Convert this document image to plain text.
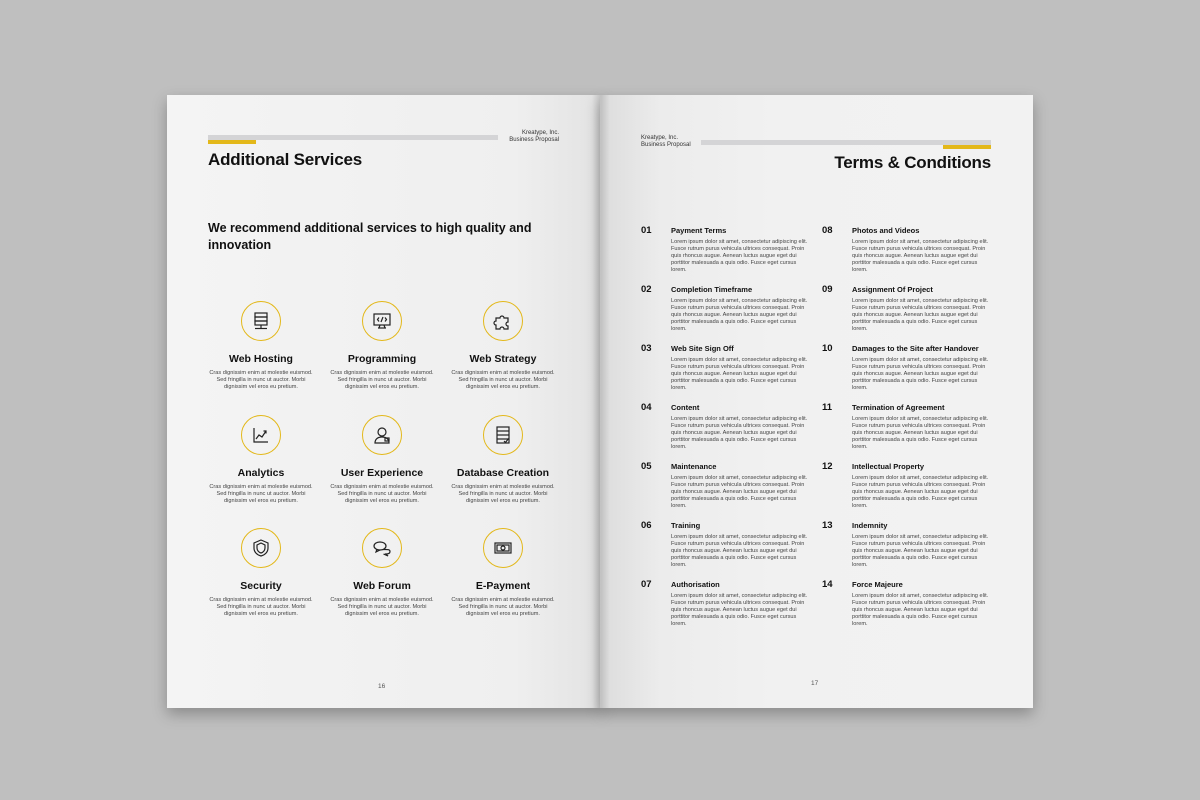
Kreatype, Inc.
Business Proposal
Additional Services
We recommend additional services to high quality and innovation
Web Hosting
Cras dignissim enim at molestie euismod. Sed fringilla in nunc ut auctor. Morbi dignissim vel eros eu pretium.
Programming
Cras dignissim enim at molestie euismod. Sed fringilla in nunc ut auctor. Morbi dignissim vel eros eu pretium.
Web Strategy
Cras dignissim enim at molestie euismod. Sed fringilla in nunc ut auctor. Morbi dignissim vel eros eu pretium.
Analytics
Cras dignissim enim at molestie euismod. Sed fringilla in nunc ut auctor. Morbi dignissim vel eros eu pretium.
User Experience
Cras dignissim enim at molestie euismod. Sed fringilla in nunc ut auctor. Morbi dignissim vel eros eu pretium.
Database Creation
Cras dignissim enim at molestie euismod. Sed fringilla in nunc ut auctor. Morbi dignissim vel eros eu pretium.
Security
Cras dignissim enim at molestie euismod. Sed fringilla in nunc ut auctor. Morbi dignissim vel eros eu pretium.
Web Forum
Cras dignissim enim at molestie euismod. Sed fringilla in nunc ut auctor. Morbi dignissim vel eros eu pretium.
E-Payment
Cras dignissim enim at molestie euismod. Sed fringilla in nunc ut auctor. Morbi dignissim vel eros eu pretium.
16
Kreatype, Inc.
Business Proposal
Terms & Conditions
01	Payment Terms
Lorem ipsum dolor sit amet, consectetur adipiscing elit. Fusce rutrum purus vehicula ultrices consequat. Proin quis rhoncus augue. Aenean luctus augue eget dui porttitor malesuada a quis odio. Fusce eget cursus lorem.
02	Completion Timeframe
Lorem ipsum dolor sit amet, consectetur adipiscing elit. Fusce rutrum purus vehicula ultrices consequat. Proin quis rhoncus augue. Aenean luctus augue eget dui porttitor malesuada a quis odio. Fusce eget cursus lorem.
03	Web Site Sign Off
Lorem ipsum dolor sit amet, consectetur adipiscing elit. Fusce rutrum purus vehicula ultrices consequat. Proin quis rhoncus augue. Aenean luctus augue eget dui porttitor malesuada a quis odio. Fusce eget cursus lorem.
04	Content
Lorem ipsum dolor sit amet, consectetur adipiscing elit. Fusce rutrum purus vehicula ultrices consequat. Proin quis rhoncus augue. Aenean luctus augue eget dui porttitor malesuada a quis odio. Fusce eget cursus lorem.
05	Maintenance
Lorem ipsum dolor sit amet, consectetur adipiscing elit. Fusce rutrum purus vehicula ultrices consequat. Proin quis rhoncus augue. Aenean luctus augue eget dui porttitor malesuada a quis odio. Fusce eget cursus lorem.
06	Training
Lorem ipsum dolor sit amet, consectetur adipiscing elit. Fusce rutrum purus vehicula ultrices consequat. Proin quis rhoncus augue. Aenean luctus augue eget dui porttitor malesuada a quis odio. Fusce eget cursus lorem.
07	Authorisation
Lorem ipsum dolor sit amet, consectetur adipiscing elit. Fusce rutrum purus vehicula ultrices consequat. Proin quis rhoncus augue. Aenean luctus augue eget dui porttitor malesuada a quis odio. Fusce eget cursus lorem.
08	Photos and Videos
Lorem ipsum dolor sit amet, consectetur adipiscing elit. Fusce rutrum purus vehicula ultrices consequat. Proin quis rhoncus augue. Aenean luctus augue eget dui porttitor malesuada a quis odio. Fusce eget cursus lorem.
09	Assignment Of Project
Lorem ipsum dolor sit amet, consectetur adipiscing elit. Fusce rutrum purus vehicula ultrices consequat. Proin quis rhoncus augue. Aenean luctus augue eget dui porttitor malesuada a quis odio. Fusce eget cursus lorem.
10	Damages to the Site after Handover
Lorem ipsum dolor sit amet, consectetur adipiscing elit. Fusce rutrum purus vehicula ultrices consequat. Proin quis rhoncus augue. Aenean luctus augue eget dui porttitor malesuada a quis odio. Fusce eget cursus lorem.
11	Termination of Agreement
Lorem ipsum dolor sit amet, consectetur adipiscing elit. Fusce rutrum purus vehicula ultrices consequat. Proin quis rhoncus augue. Aenean luctus augue eget dui porttitor malesuada a quis odio. Fusce eget cursus lorem.
12	Intellectual Property
Lorem ipsum dolor sit amet, consectetur adipiscing elit. Fusce rutrum purus vehicula ultrices consequat. Proin quis rhoncus augue. Aenean luctus augue eget dui porttitor malesuada a quis odio. Fusce eget cursus lorem.
13	Indemnity
Lorem ipsum dolor sit amet, consectetur adipiscing elit. Fusce rutrum purus vehicula ultrices consequat. Proin quis rhoncus augue. Aenean luctus augue eget dui porttitor malesuada a quis odio. Fusce eget cursus lorem.
14	Force Majeure
Lorem ipsum dolor sit amet, consectetur adipiscing elit. Fusce rutrum purus vehicula ultrices consequat. Proin quis rhoncus augue. Aenean luctus augue eget dui porttitor malesuada a quis odio. Fusce eget cursus lorem.
17
